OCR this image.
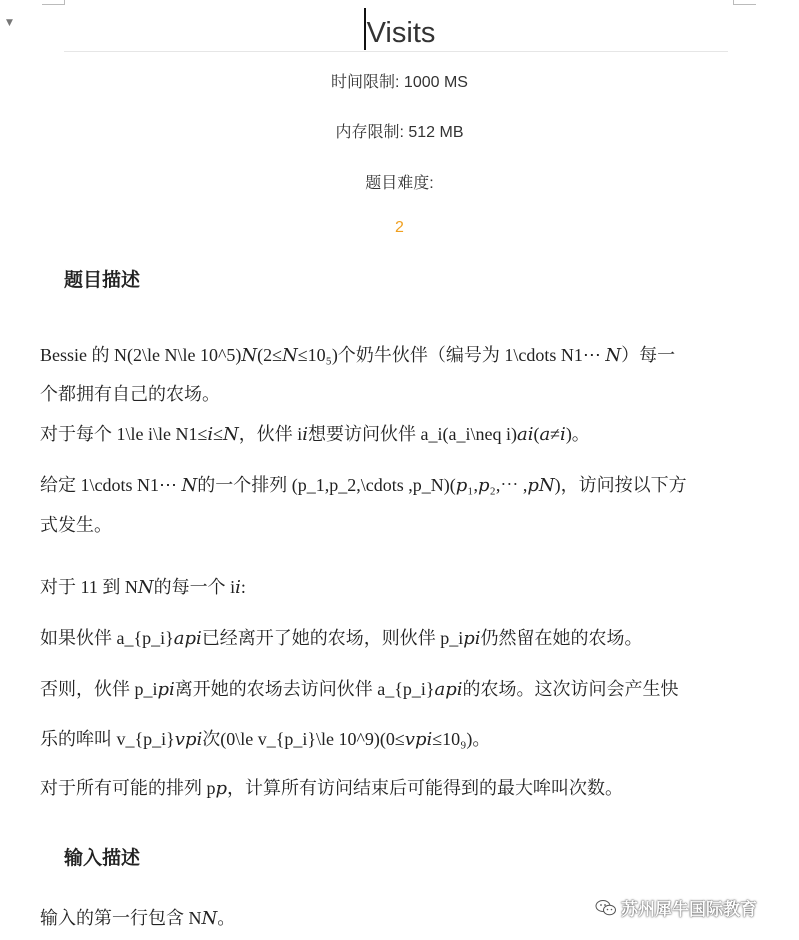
▼	Visits
时间限制: 1000 MS
内存限制: 512 MB
题目难度:
2
题目描述
Bessie 的 N(2\le N\le 10^5)𝑁(2≤𝑁≤10₅)个奶牛伙伴（编号为 1\cdots N1⋯ 𝑁）每一
个都拥有自己的农场。
对于每个 1\le i\le N1≤𝑖≤𝑁，伙伴 i𝑖想要访问伙伴 a_i(a_i\neq i)𝑎𝑖(𝑎≠𝑖)。
给定 1\cdots N1⋯ 𝑁的一个排列 (p_1,p_2,\cdots ,p_N)(𝑝₁,𝑝₂,⋯ ,𝑝𝑁)，访问按以下方
式发生。
对于 11 到 N𝑁的每一个 i𝑖:
如果伙伴 a_{p_i}𝑎𝑝𝑖已经离开了她的农场，则伙伴 p_i𝑝𝑖仍然留在她的农场。
否则，伙伴 p_i𝑝𝑖离开她的农场去访问伙伴 a_{p_i}𝑎𝑝𝑖的农场。这次访问会产生快
乐的哞叫 v_{p_i}𝑣𝑝𝑖次(0\le v_{p_i}\le 10^9)(0≤𝑣𝑝𝑖≤10₉)。
对于所有可能的排列 p𝑝，计算所有访问结束后可能得到的最大哞叫次数。
输入描述
输入的第一行包含 N𝑁。	苏州犀牛国际教育
